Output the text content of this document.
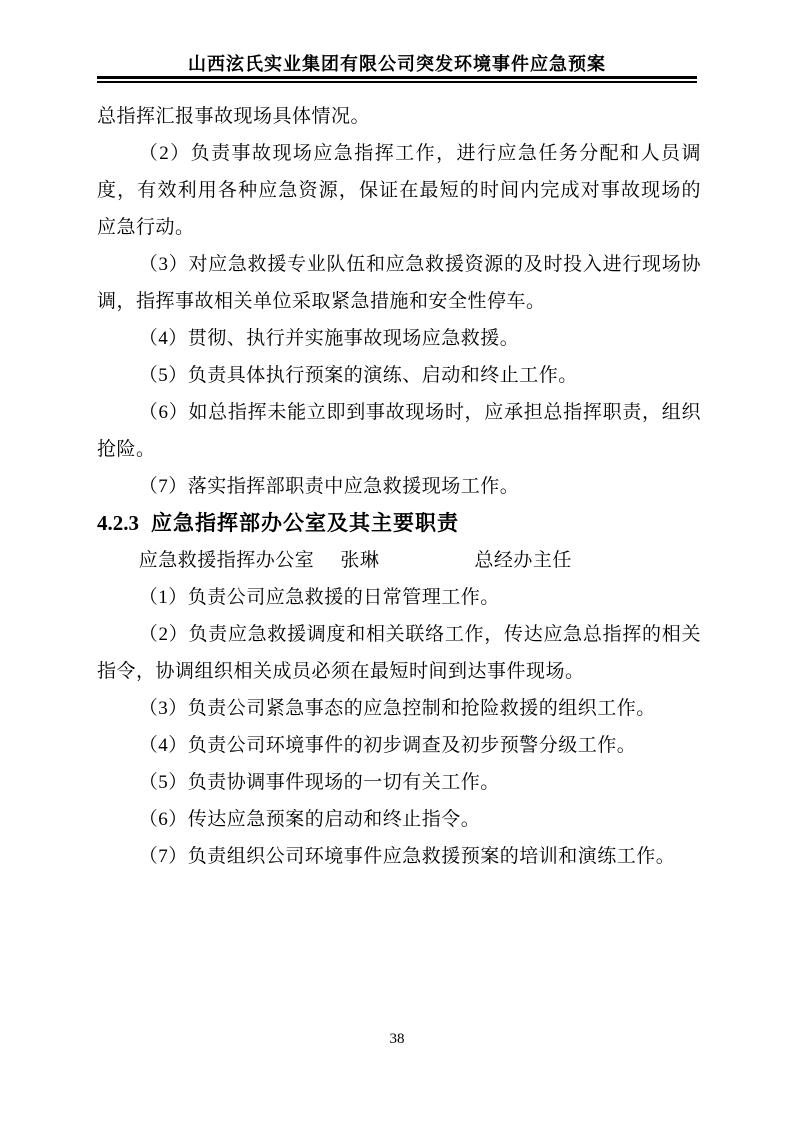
山西泫氏实业集团有限公司突发环境事件应急预案

总指挥汇报事故现场具体情况。

（2）负责事故现场应急指挥工作，进行应急任务分配和人员调度，有效利用各种应急资源，保证在最短的时间内完成对事故现场的应急行动。

（3）对应急救援专业队伍和应急救援资源的及时投入进行现场协调，指挥事故相关单位采取紧急措施和安全性停车。

（4）贯彻、执行并实施事故现场应急救援。

（5）负责具体执行预案的演练、启动和终止工作。

（6）如总指挥未能立即到事故现场时，应承担总指挥职责，组织抢险。

（7）落实指挥部职责中应急救援现场工作。

4.2.3 应急指挥部办公室及其主要职责

应急救援指挥办公室 张琳	总经办主任

（1）负责公司应急救援的日常管理工作。

（2）负责应急救援调度和相关联络工作，传达应急总指挥的相关指令，协调组织相关成员必须在最短时间到达事件现场。

（3）负责公司紧急事态的应急控制和抢险救援的组织工作。

（4）负责公司环境事件的初步调查及初步预警分级工作。

（5）负责协调事件现场的一切有关工作。

（6）传达应急预案的启动和终止指令。

（7）负责组织公司环境事件应急救援预案的培训和演练工作。

38
